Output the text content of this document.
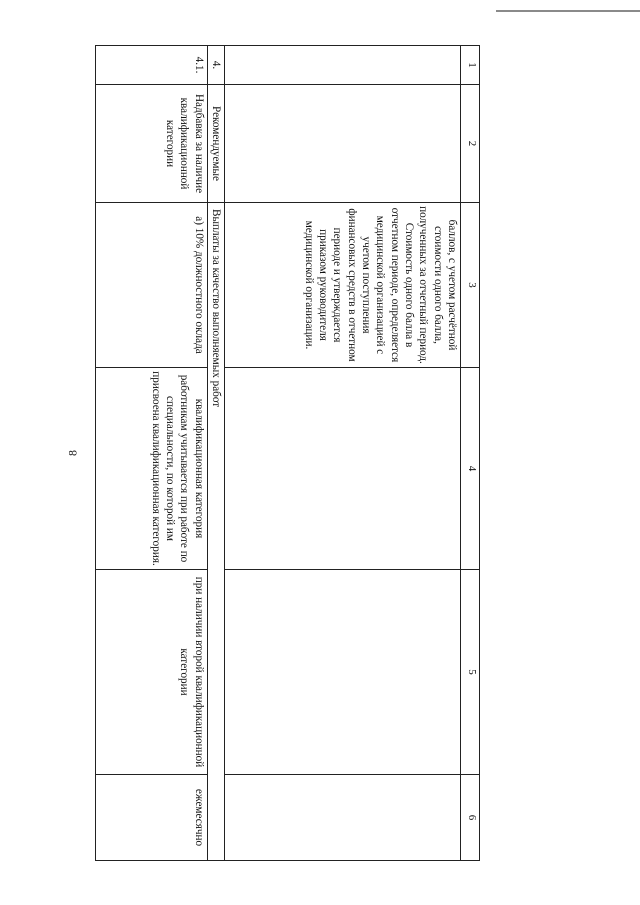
8
1	2	3	4	5	6
		баллов, с учетом расчётной стоимости одного балла, полученных за отчетный период. Стоимость одного балла в отчетном периоде, определяется медицинской организацией с учетом поступления финансовых средств в отчетном периоде и утверждается приказом руководителя медицинской организации.			
4.	Рекомендуемые	Выплаты за качество выполняемых работ			
4.1.	Надбавка за наличие квалификационной категории	а) 10% должностного оклада	квалификационная категория работникам учитывается при работе по специальности, по которой им присвоена квалификационная категория.	при наличии второй квалификационной категории	ежемесячно
